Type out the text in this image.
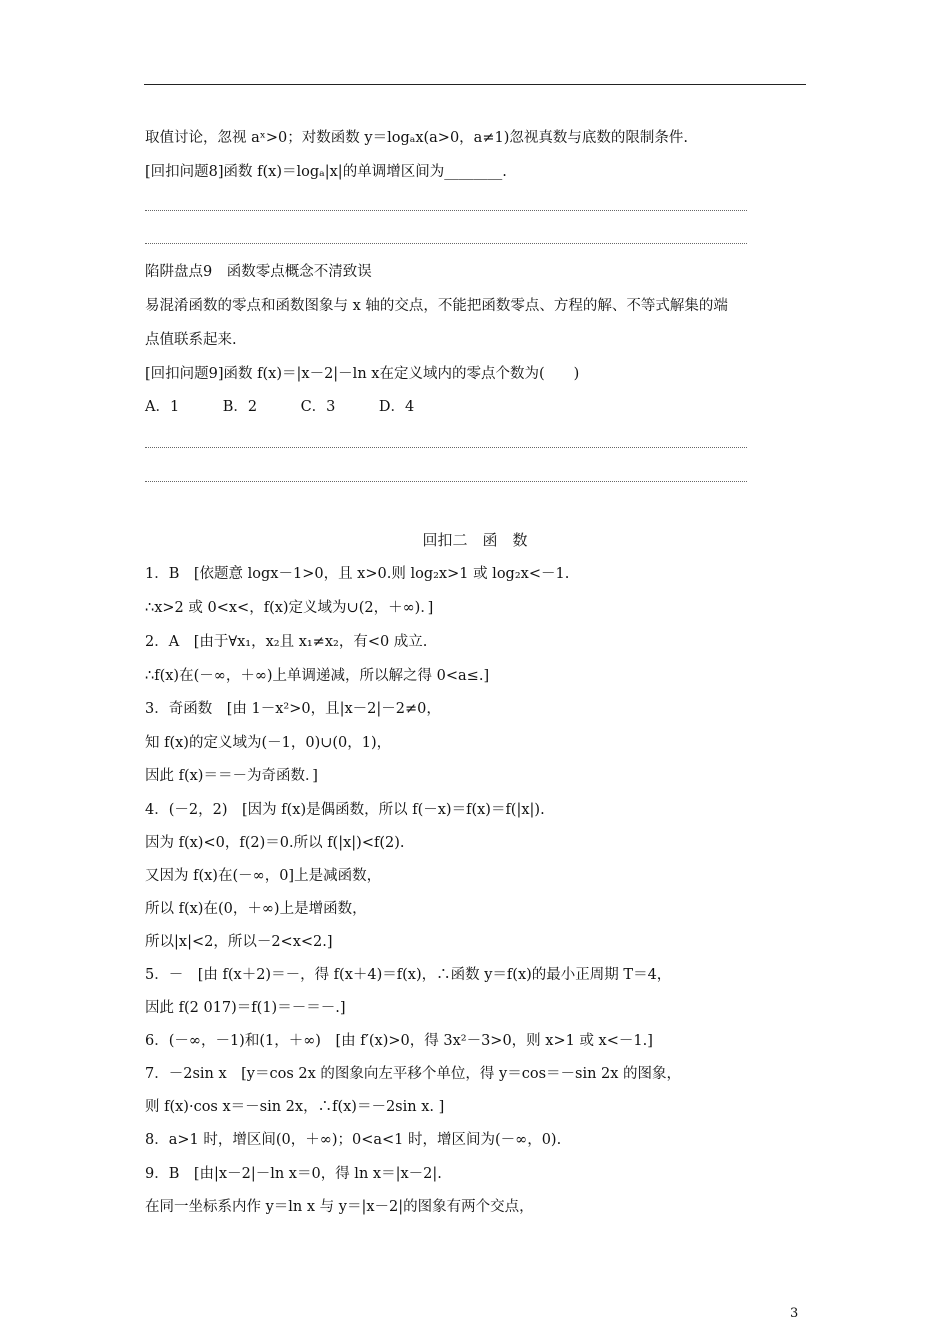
取值讨论，忽视 aˣ>0；对数函数 y＝logₐx(a>0，a≠1)忽视真数与底数的限制条件.
[回扣问题8]函数 f(x)＝logₐ|x|的单调增区间为________.
陷阱盘点9　函数零点概念不清致误
易混淆函数的零点和函数图象与 x 轴的交点，不能把函数零点、方程的解、不等式解集的端
点值联系起来.
[回扣问题9]函数 f(x)＝|x－2|－ln x在定义域内的零点个数为(　　)
A．1　　　B．2　　　C．3　　　D．4
回扣二　函　数
1．B　[依题意 logx－1>0，且 x>0.则 log₂x>1 或 log₂x<－1.
∴x>2 或 0<x<，f(x)定义域为∪(2，＋∞)．]
2．A　[由于∀x₁，x₂且 x₁≠x₂，有<0 成立.
∴f(x)在(－∞，＋∞)上单调递减，所以解之得 0<a≤.]
3．奇函数　[由 1－x²>0，且|x－2|－2≠0，
知 f(x)的定义域为(－1，0)∪(0，1)，
因此 f(x)＝＝－为奇函数．]
4．(－2，2)　[因为 f(x)是偶函数，所以 f(－x)＝f(x)＝f(|x|).
因为 f(x)<0，f(2)＝0.所以 f(|x|)<f(2).
又因为 f(x)在(－∞，0]上是减函数，
所以 f(x)在(0，＋∞)上是增函数，
所以|x|<2，所以－2<x<2.]
5．－　[由 f(x＋2)＝－，得 f(x＋4)＝f(x)，∴函数 y＝f(x)的最小正周期 T＝4，
因此 f(2 017)＝f(1)＝－＝－.]
6．(－∞，－1)和(1，＋∞)　[由 f′(x)>0，得 3x²－3>0，则 x>1 或 x<－1.]
7．－2sin x　[y＝cos 2x 的图象向左平移个单位，得 y＝cos＝－sin 2x 的图象，
则 f(x)·cos x＝－sin 2x，∴f(x)＝－2sin x. ]
8．a>1 时，增区间(0，＋∞)；0<a<1 时，增区间为(－∞，0).
9．B　[由|x－2|－ln x＝0，得 ln x＝|x－2|.
在同一坐标系内作 y＝ln x 与 y＝|x－2|的图象有两个交点，
3
